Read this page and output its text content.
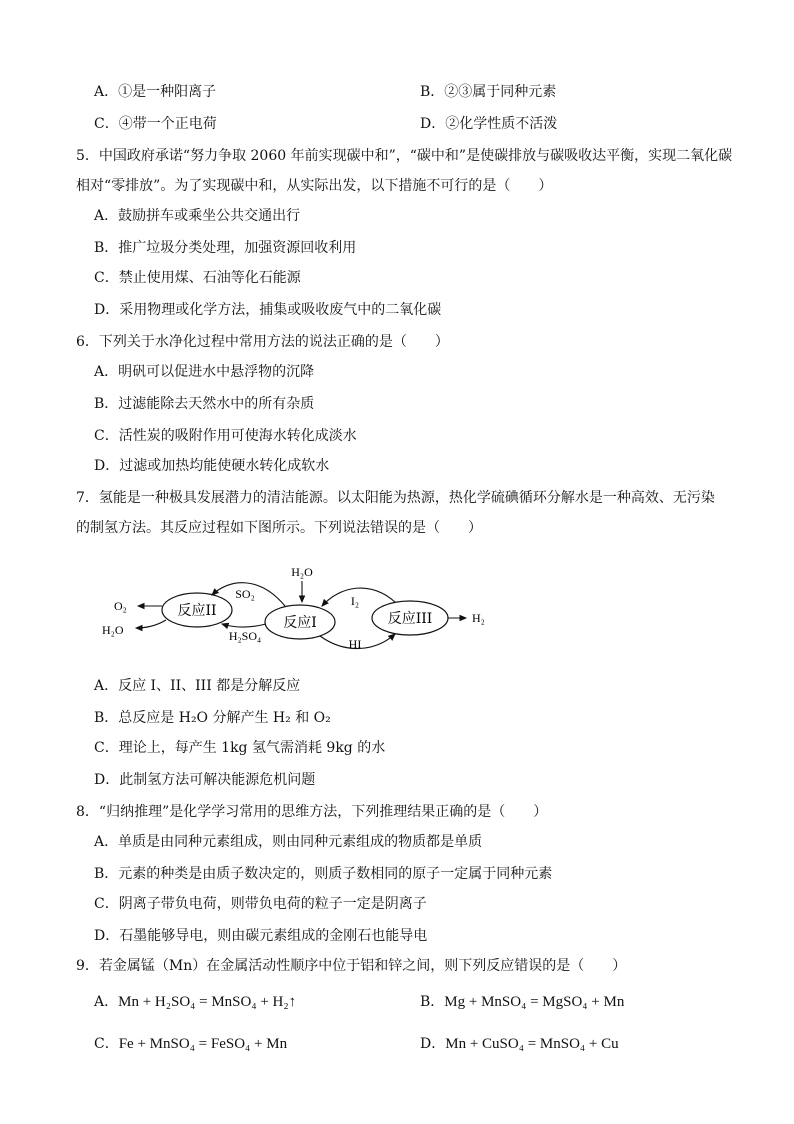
A．①是一种阳离子	B．②③属于同种元素
C．④带一个正电荷	D．②化学性质不活泼
5．中国政府承诺“努力争取 2060 年前实现碳中和”，“碳中和”是使碳排放与碳吸收达平衡，实现二氧化碳
相对“零排放”。为了实现碳中和，从实际出发，以下措施不可行的是（　　）
A．鼓励拼车或乘坐公共交通出行
B．推广垃圾分类处理，加强资源回收利用
C．禁止使用煤、石油等化石能源
D．采用物理或化学方法，捕集或吸收废气中的二氧化碳
6．下列关于水净化过程中常用方法的说法正确的是（　　）
A．明矾可以促进水中悬浮物的沉降
B．过滤能除去天然水中的所有杂质
C．活性炭的吸附作用可使海水转化成淡水
D．过滤或加热均能使硬水转化成软水
7．氢能是一种极具发展潜力的清洁能源。以太阳能为热源，热化学硫碘循环分解水是一种高效、无污染
的制氢方法。其反应过程如下图所示。下列说法错误的是（　　）
反应II
反应I	反应III
H₂O
SO₂
H₂SO₄
I₂
HI
O₂
H₂O
H₂
A．反应 I、II、III 都是分解反应
B．总反应是 H₂O 分解产生 H₂ 和 O₂
C．理论上，每产生 1kg 氢气需消耗 9kg 的水
D．此制氢方法可解决能源危机问题
8．“归纳推理”是化学学习常用的思维方法，下列推理结果正确的是（　　）
A．单质是由同种元素组成，则由同种元素组成的物质都是单质
B．元素的种类是由质子数决定的，则质子数相同的原子一定属于同种元素
C．阴离子带负电荷，则带负电荷的粒子一定是阴离子
D．石墨能够导电，则由碳元素组成的金刚石也能导电
9．若金属锰（Mn）在金属活动性顺序中位于铝和锌之间，则下列反应错误的是（　　）
A．Mn + H₂SO₄ = MnSO₄ + H₂↑	B．Mg + MnSO₄ = MgSO₄ + Mn
C．Fe + MnSO₄ = FeSO₄ + Mn	D．Mn + CuSO₄ = MnSO₄ + Cu
